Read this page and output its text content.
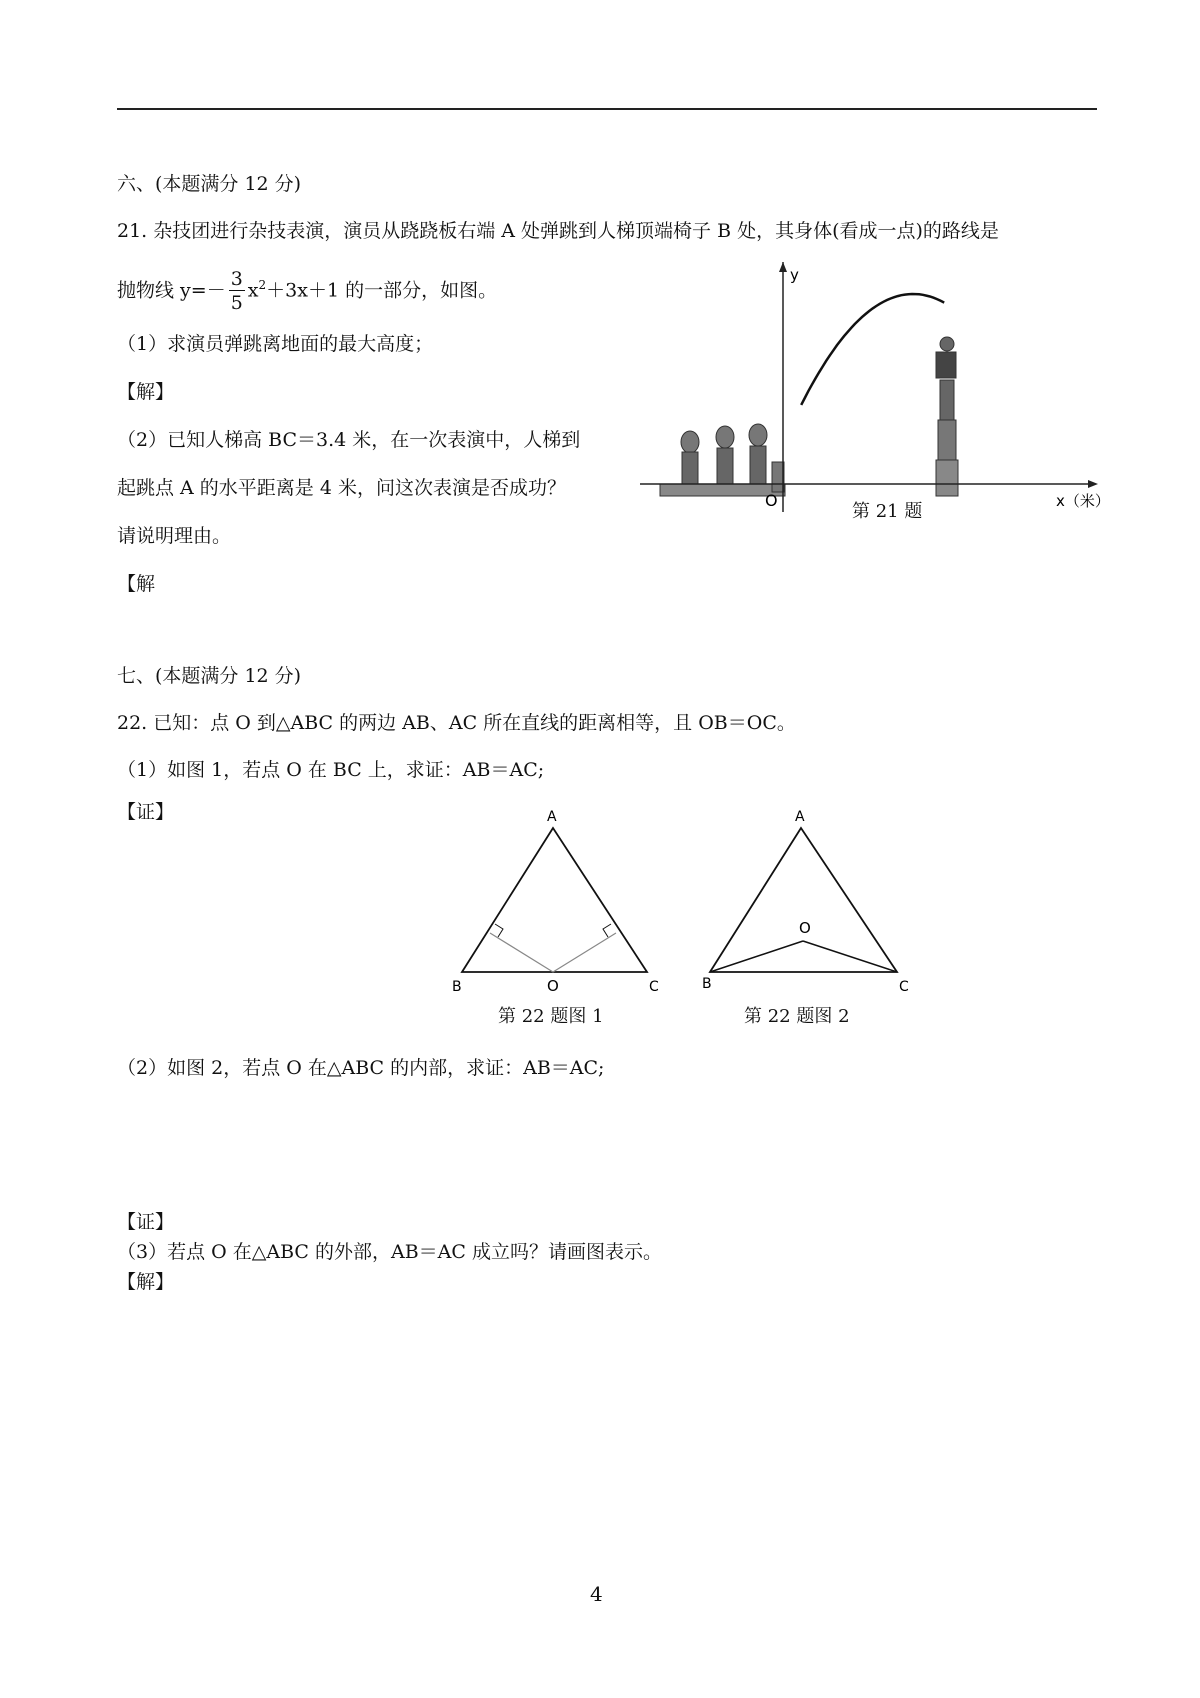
六、(本题满分 12 分)
21. 杂技团进行杂技表演，演员从跷跷板右端 A 处弹跳到人梯顶端椅子 B 处，其身体(看成一点)的路线是
抛物线 $y=- \frac{3}{5} x^2+3x+1$ 的一部分，如图。
（1）求演员弹跳离地面的最大高度；
【解】
（2）已知人梯高 BC＝3.4 米，在一次表演中，人梯到
起跳点 A 的水平距离是 4 米，问这次表演是否成功？
请说明理由。
【解
y
O	x（米）
第 21 题
七、(本题满分 12 分)
22. 已知：点 O 到△ABC 的两边 AB、AC 所在直线的距离相等，且 OB＝OC。
（1）如图 1，若点 O 在 BC 上，求证：AB＝AC;
【证】	A
B	C
O
第 22 题图 1
A
B	C
O
第 22 题图 2
（2）如图 2，若点 O 在△ABC 的内部，求证：AB＝AC;
【证】
（3）若点 O 在△ABC 的外部，AB＝AC 成立吗？请画图表示。
【解】
4
